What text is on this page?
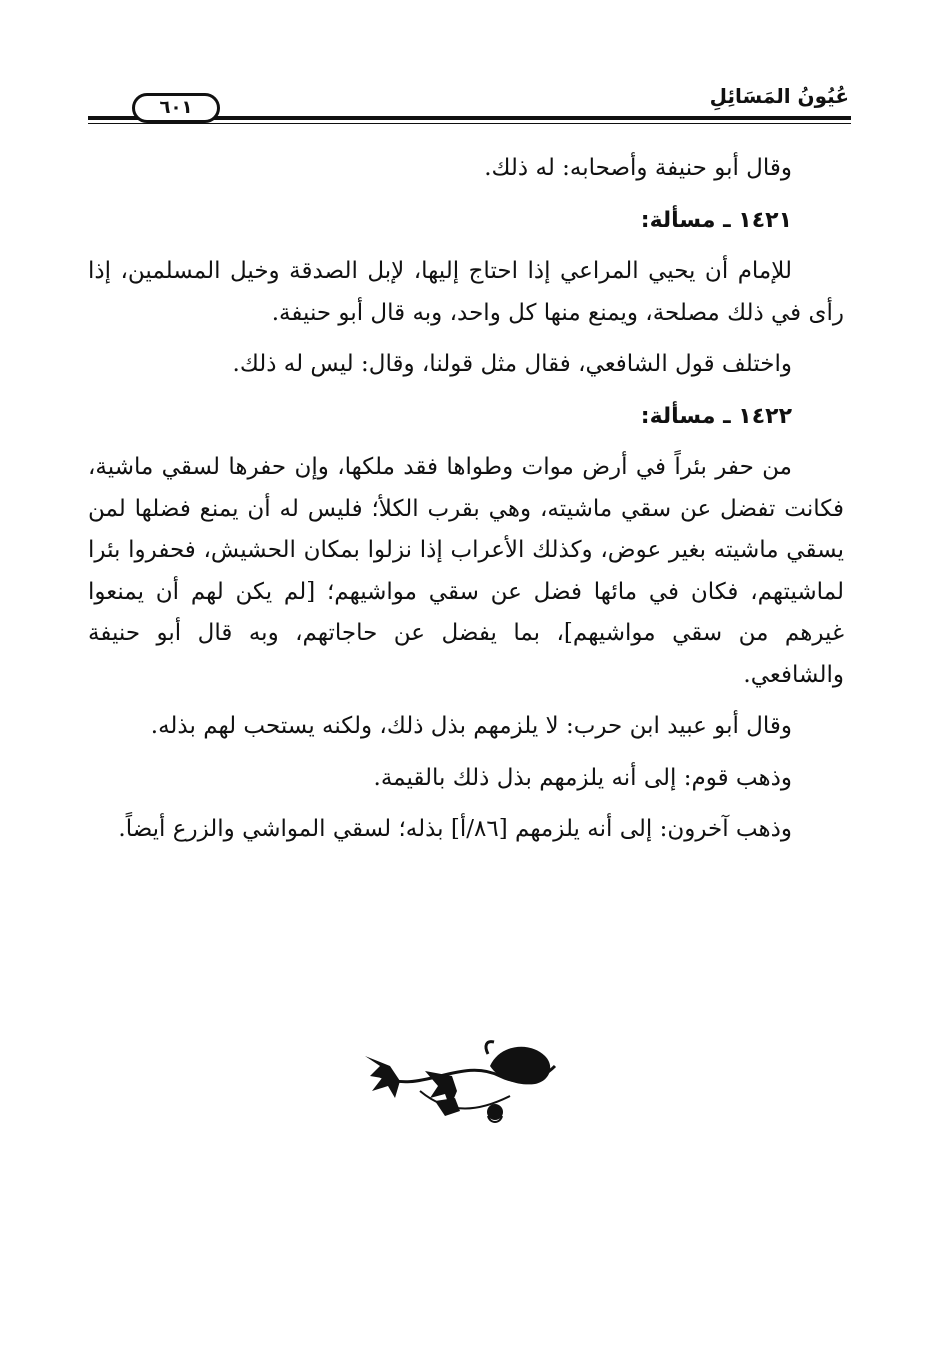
٦٠١	عُيُونُ المَسَائِلِ

وقال أبو حنيفة وأصحابه: له ذلك.

١٤٢١ ـ مسألة:

للإمام أن يحيي المراعي إذا احتاج إليها، لإبل الصدقة وخيل المسلمين، إذا رأى في ذلك مصلحة، ويمنع منها كل واحد، وبه قال أبو حنيفة.

واختلف قول الشافعي، فقال مثل قولنا، وقال: ليس له ذلك.

١٤٢٢ ـ مسألة:

من حفر بئراً في أرض موات وطواها فقد ملكها، وإن حفرها لسقي ماشية، فكانت تفضل عن سقي ماشيته، وهي بقرب الكلأ؛ فليس له أن يمنع فضلها لمن يسقي ماشيته بغير عوض، وكذلك الأعراب إذا نزلوا بمكان الحشيش، فحفروا بئرا لماشيتهم، فكان في مائها فضل عن سقي مواشيهم؛ [لم يكن لهم أن يمنعوا غيرهم من سقي مواشيهم]، بما يفضل عن حاجاتهم، وبه قال أبو حنيفة والشافعي.

وقال أبو عبيد ابن حرب: لا يلزمهم بذل ذلك، ولكنه يستحب لهم بذله.

وذهب قوم: إلى أنه يلزمهم بذل ذلك بالقيمة.

وذهب آخرون: إلى أنه يلزمهم [٨٦/أ] بذله؛ لسقي المواشي والزرع أيضاً.
